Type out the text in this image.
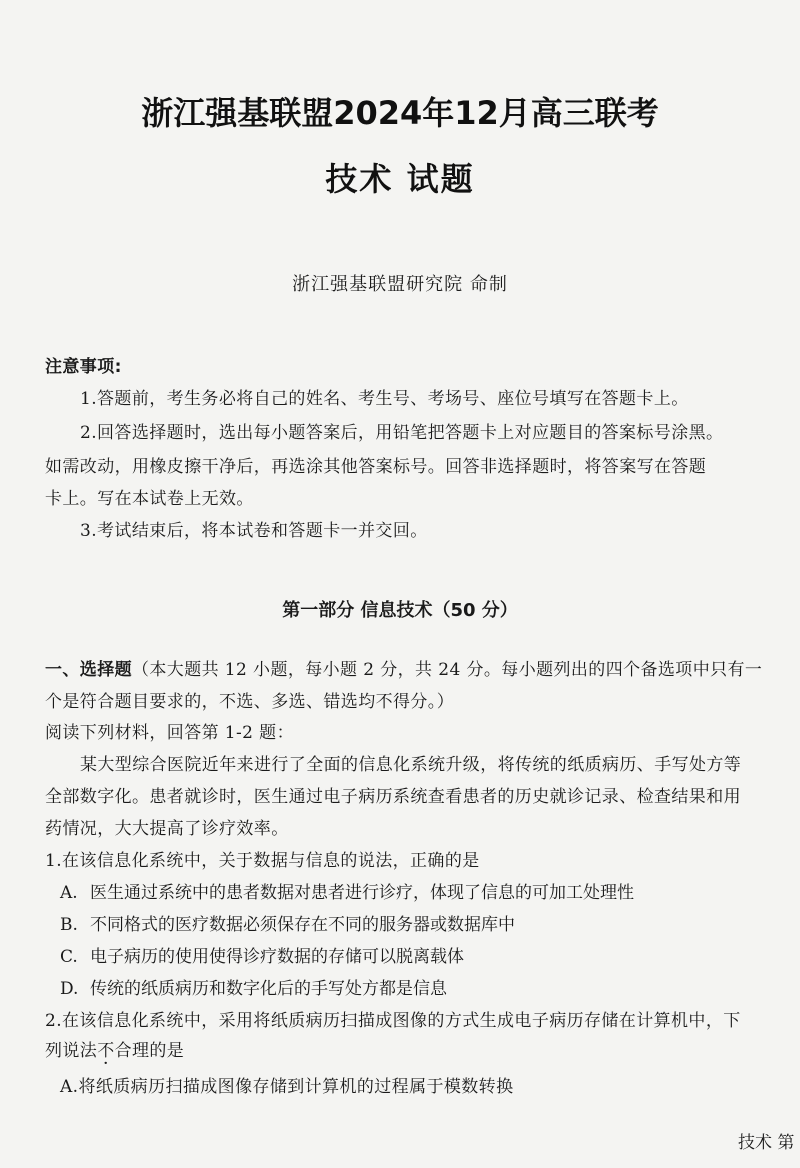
浙江强基联盟2024年12月高三联考
技术 试题
浙江强基联盟研究院 命制
注意事项:
1.答题前，考生务必将自己的姓名、考生号、考场号、座位号填写在答题卡上。
2.回答选择题时，选出每小题答案后，用铅笔把答题卡上对应题目的答案标号涂黑。
如需改动，用橡皮擦干净后，再选涂其他答案标号。回答非选择题时，将答案写在答题
卡上。写在本试卷上无效。
3.考试结束后，将本试卷和答题卡一并交回。
第一部分 信息技术（50 分）
一、选择题（本大题共 12 小题，每小题 2 分，共 24 分。每小题列出的四个备选项中只有一
个是符合题目要求的，不选、多选、错选均不得分。）
阅读下列材料，回答第 1-2 题：
某大型综合医院近年来进行了全面的信息化系统升级，将传统的纸质病历、手写处方等
全部数字化。患者就诊时，医生通过电子病历系统查看患者的历史就诊记录、检查结果和用
药情况，大大提高了诊疗效率。
1.在该信息化系统中，关于数据与信息的说法，正确的是
A. 医生通过系统中的患者数据对患者进行诊疗，体现了信息的可加工处理性
B. 不同格式的医疗数据必须保存在不同的服务器或数据库中
C. 电子病历的使用使得诊疗数据的存储可以脱离载体
D. 传统的纸质病历和数字化后的手写处方都是信息
2.在该信息化系统中，采用将纸质病历扫描成图像的方式生成电子病历存储在计算机中，下
列说法不合理的是
A.将纸质病历扫描成图像存储到计算机的过程属于模数转换
技术 第
